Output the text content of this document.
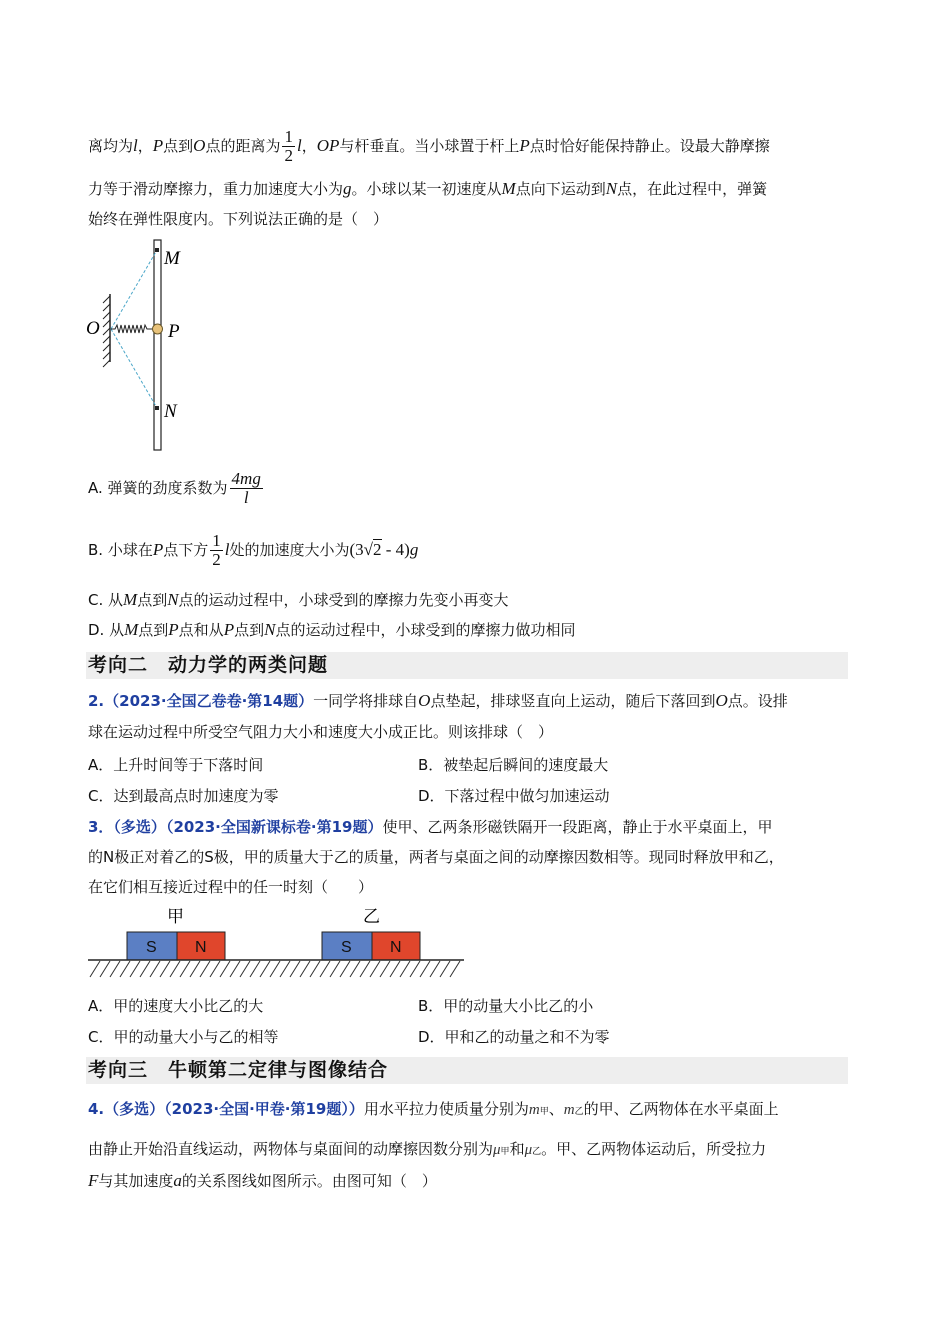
离均为l，P点到O点的距离为 $\frac{1}{2}$ l，OP与杆垂直。当小球置于杆上P点时恰好能保持静止。设最大静摩擦
力等于滑动摩擦力，重力加速度大小为g。小球以某一初速度从M点向下运动到N点，在此过程中，弹簧
始终在弹性限度内。下列说法正确的是（　）
M
O	P
N
A. 弹簧的劲度系数为 $\frac{4mg}{l}$
B. 小球在P点下方 $\frac{1}{2}$ l处的加速度大小为(3√2 - 4)g
C. 从M点到N点的运动过程中，小球受到的摩擦力先变小再变大
D. 从M点到P点和从P点到N点的运动过程中，小球受到的摩擦力做功相同
考向二　动力学的两类问题
2.（2023·全国乙卷卷·第14题）一同学将排球自O点垫起，排球竖直向上运动，随后下落回到O点。设排
球在运动过程中所受空气阻力大小和速度大小成正比。则该排球（　）
A．上升时间等于下落时间	B．被垫起后瞬间的速度最大
C．达到最高点时加速度为零	D．下落过程中做匀加速运动
3．（多选）（2023·全国新课标卷·第19题）使甲、乙两条形磁铁隔开一段距离，静止于水平桌面上，甲
的N极正对着乙的S极，甲的质量大于乙的质量，两者与桌面之间的动摩擦因数相等。现同时释放甲和乙，
在它们相互接近过程中的任一时刻（　　）
甲	乙
S N	S N
A．甲的速度大小比乙的大	B．甲的动量大小比乙的小
C．甲的动量大小与乙的相等	D．甲和乙的动量之和不为零
考向三　牛顿第二定律与图像结合
4.（多选）（2023·全国·甲卷·第19题））用水平拉力使质量分别为m甲、m乙的甲、乙两物体在水平桌面上
由静止开始沿直线运动，两物体与桌面间的动摩擦因数分别为μ甲和μ乙。甲、乙两物体运动后，所受拉力
F与其加速度a的关系图线如图所示。由图可知（　）
